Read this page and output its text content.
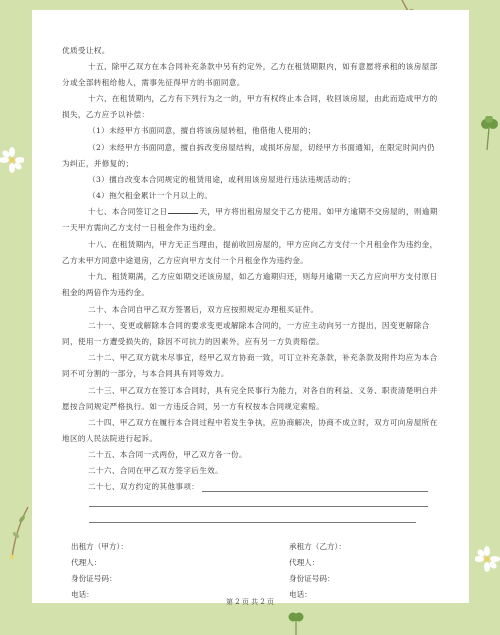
优质受让权。

十五、除甲乙双方在本合同补充条款中另有约定外，乙方在租赁期限内，如有意愿将承租的该房屋部分或全部转租给他人，需事先征得甲方的书面同意。

十六、在租赁期内，乙方有下列行为之一的，甲方有权终止本合同，收回该房屋，由此而造成甲方的损失，乙方应予以补偿：

（1）未经甲方书面同意，擅自将该房屋转租，他借他人使用的；

（2）未经甲方书面同意，擅自拆改变房屋结构，或损坏房屋，切经甲方书面通知，在限定时间内仍为纠正，并修复的；

（3）擅自改变本合同规定的租赁用途，或利用该房屋进行违法违规活动的；

（4）拖欠租金累计一个月以上的。

十七、本合同签订之日	天，甲方将出租房屋交于乙方使用。如甲方逾期不交房屋的，则逾期一天甲方需向乙方支付一日租金作为违约金。

十八、在租赁期内，甲方无正当理由，提前收回房屋的，甲方应向乙方支付一个月租金作为违约金，乙方未甲方同意中途退房，乙方应向甲方支付一个月租金作为违约金。

十九、租赁期满，乙方应如期交还该房屋，如乙方逾期归还，则每月逾期一天乙方应向甲方支付原日租金的两倍作为违约金。

二十、本合同自甲乙双方签署后，双方应按照规定办理租买证件。

二十一、变更或解除本合同的要求变更或解除本合同的，一方应主动向另一方提出，因变更解除合同，使用一方遭受损失的，除因不可抗力的因素外，应有另一方负责赔偿。

二十二、甲乙双方就未尽事宜，经甲乙双方协商一致，可订立补充条款，补充条款及附件均应为本合同不可分割的一部分，与本合同具有同等效力。

二十三、甲乙双方在签订本合同时，具有完全民事行为能力，对各自的利益、义务、职责清楚明白并愿按合同规定严格执行。如一方违反合同，另一方有权按本合同规定索赔。

二十四、甲乙双方在履行本合同过程中若发生争执，应协商解决，协商不成立时，双方可向房屋所在地区的人民法院进行起诉。

二十五、本合同一式两份，甲乙双方各一份。

二十六、合同在甲乙双方签字后生效。

二十七、双方约定的其他事项：

出租方（甲方）：	承租方（乙方）：

代理人：	代理人：

身份证号码：	身份证号码：

电话：	电话：

第 2 页 共 2 页
